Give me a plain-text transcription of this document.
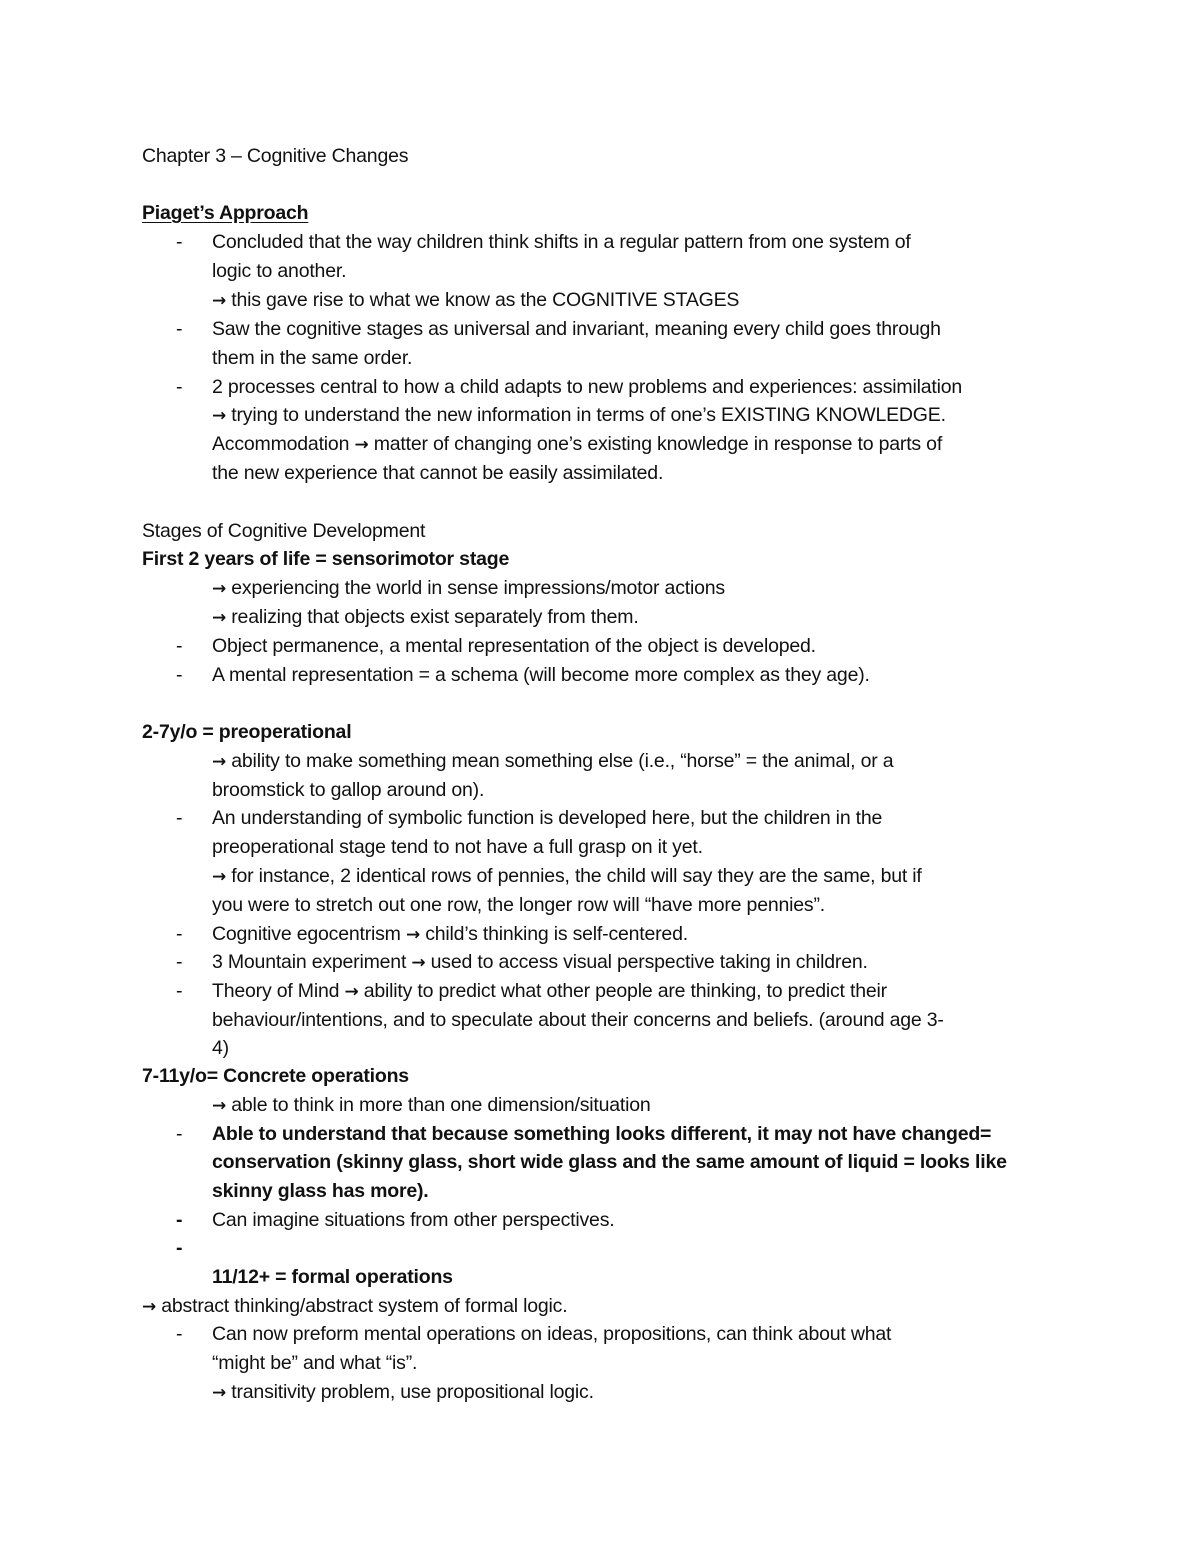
Chapter 3 – Cognitive Changes
Piaget’s Approach
- Concluded that the way children think shifts in a regular pattern from one system of
logic to another.
→ this gave rise to what we know as the COGNITIVE STAGES
- Saw the cognitive stages as universal and invariant, meaning every child goes through
them in the same order.
- 2 processes central to how a child adapts to new problems and experiences: assimilation
→ trying to understand the new information in terms of one’s EXISTING KNOWLEDGE.
Accommodation → matter of changing one’s existing knowledge in response to parts of
the new experience that cannot be easily assimilated.
Stages of Cognitive Development
First 2 years of life = sensorimotor stage
→ experiencing the world in sense impressions/motor actions
→ realizing that objects exist separately from them.
- Object permanence, a mental representation of the object is developed.
- A mental representation = a schema (will become more complex as they age).
2-7y/o = preoperational
→ ability to make something mean something else (i.e., “horse” = the animal, or a
broomstick to gallop around on).
- An understanding of symbolic function is developed here, but the children in the
preoperational stage tend to not have a full grasp on it yet.
→ for instance, 2 identical rows of pennies, the child will say they are the same, but if
you were to stretch out one row, the longer row will “have more pennies”.
- Cognitive egocentrism → child’s thinking is self-centered.
- 3 Mountain experiment → used to access visual perspective taking in children.
- Theory of Mind → ability to predict what other people are thinking, to predict their
behaviour/intentions, and to speculate about their concerns and beliefs. (around age 3-
4)
7-11y/o= Concrete operations
→ able to think in more than one dimension/situation
- Able to understand that because something looks different, it may not have changed=
conservation (skinny glass, short wide glass and the same amount of liquid = looks like
skinny glass has more).
- Can imagine situations from other perspectives.
-
11/12+ = formal operations
→ abstract thinking/abstract system of formal logic.
- Can now preform mental operations on ideas, propositions, can think about what
“might be” and what “is”.
→ transitivity problem, use propositional logic.
